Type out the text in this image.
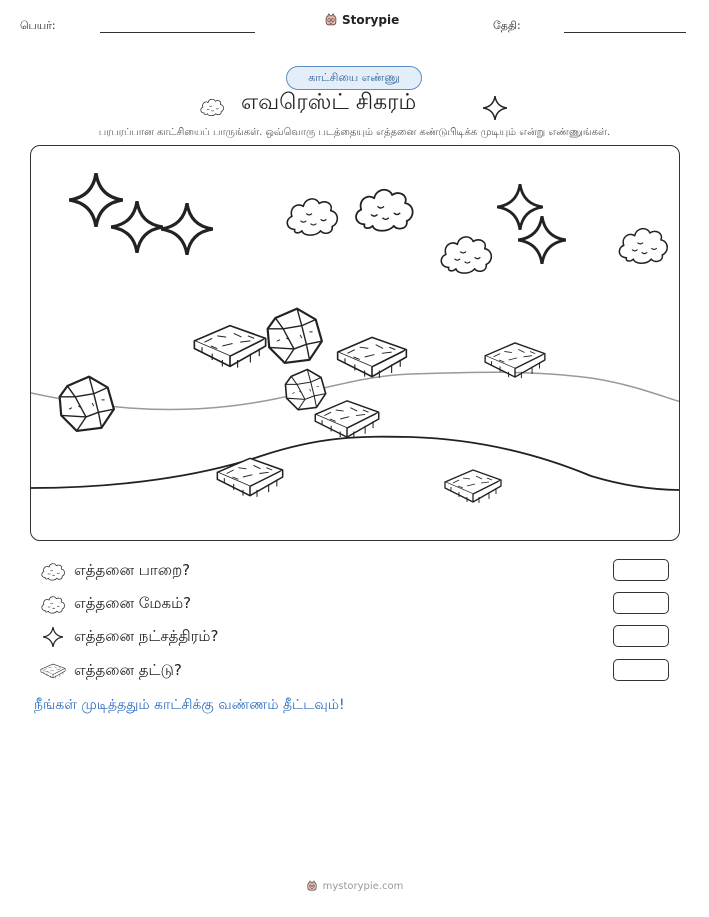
பெயர்:	Storypie	தேதி:
காட்சியை எண்ணு
எவரெஸ்ட் சிகரம்
பரபரப்பான காட்சியைப் பாருங்கள். ஒவ்வொரு படத்தையும் எத்தனை கண்டுபிடிக்க முடியும் என்று எண்ணுங்கள்.
எத்தனை பாறை?
எத்தனை மேகம்?
எத்தனை நட்சத்திரம்?
எத்தனை தட்டு?
நீங்கள் முடித்ததும் காட்சிக்கு வண்ணம் தீட்டவும்!
mystorypie.com
